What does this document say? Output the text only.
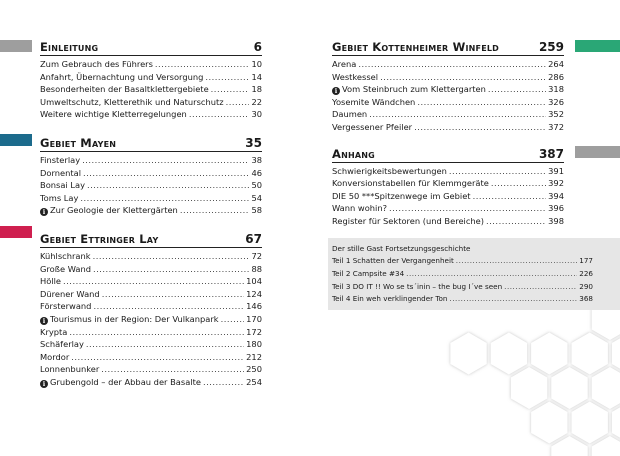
Einleitung	6
Zum Gebrauch des Führers .....	10
Anfahrt, Übernachtung und Versorgung .....	14
Besonderheiten der Basaltklettergebiete .....	18
Umweltschutz, Kletterethik und Naturschutz .....	22
Weitere wichtige Kletterregelungen .....	30
Gebiet Mayen	35
Finsterlay .....	38
Dornental .....	46
Bonsai Lay .....	50
Toms Lay .....	54
i Zur Geologie der Klettergärten .....	58
Gebiet Ettringer Lay	67
Kühlschrank .....	72
Große Wand .....	88
Hölle .....	104
Dürener Wand .....	124
Försterwand .....	146
i Tourismus in der Region: Der Vulkanpark .....	170
Krypta .....	172
Schäferlay .....	180
Mordor .....	212
Lonnenbunker .....	250
i Grubengold – der Abbau der Basalte .....	254
Gebiet Kottenheimer Winfeld	259
Arena .....	264
Westkessel .....	286
i Vom Steinbruch zum Klettergarten .....	318
Yosemite Wändchen .....	326
Daumen .....	352
Vergessener Pfeiler .....	372
Anhang	387
Schwierigkeitsbewertungen .....	391
Konversionstabellen für Klemmgeräte .....	392
DIE 50 ***Spitzenwege im Gebiet .....	394
Wann wohin? .....	396
Register für Sektoren (und Bereiche) .....	398
Der stille Gast Fortsetzungsgeschichte
Teil 1 Schatten der Vergangenheit .....	177
Teil 2 Campsite #34 .....	226
Teil 3 DO IT !! Wo se ts´inin – the bug I´ve seen .....	290
Teil 4 Ein weh verklingender Ton .....	368
